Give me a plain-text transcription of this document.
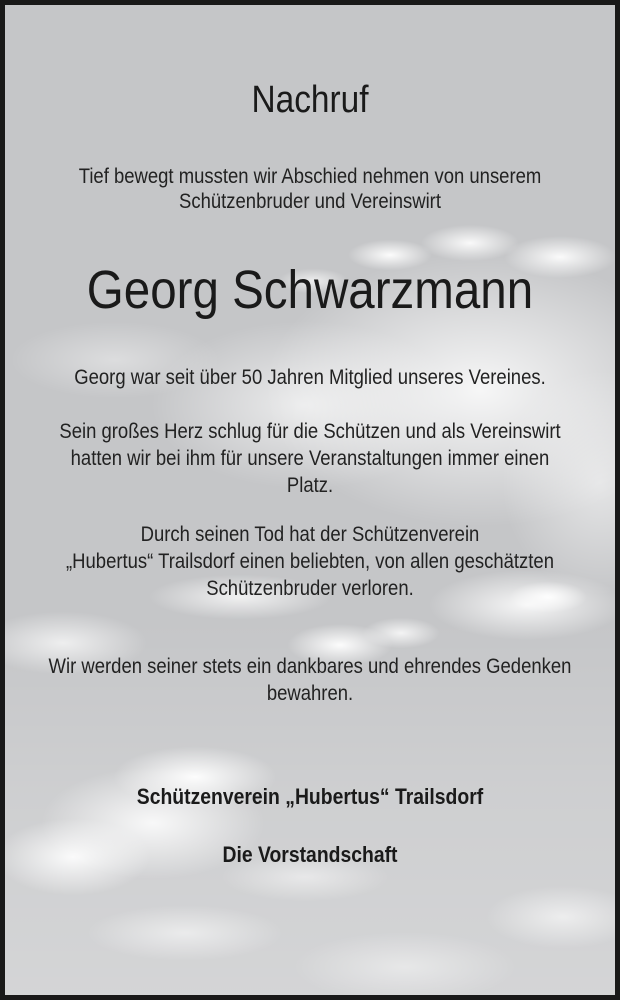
Nachruf
Tief bewegt mussten wir Abschied nehmen von unserem
Schützenbruder und Vereinswirt
Georg Schwarzmann
Georg war seit über 50 Jahren Mitglied unseres Vereines.
Sein großes Herz schlug für die Schützen und als Vereinswirt
hatten wir bei ihm für unsere Veranstaltungen immer einen
Platz.
Durch seinen Tod hat der Schützenverein
„Hubertus“ Trailsdorf einen beliebten, von allen geschätzten
Schützenbruder verloren.
Wir werden seiner stets ein dankbares und ehrendes Gedenken
bewahren.
Schützenverein „Hubertus“ Trailsdorf
Die Vorstandschaft
